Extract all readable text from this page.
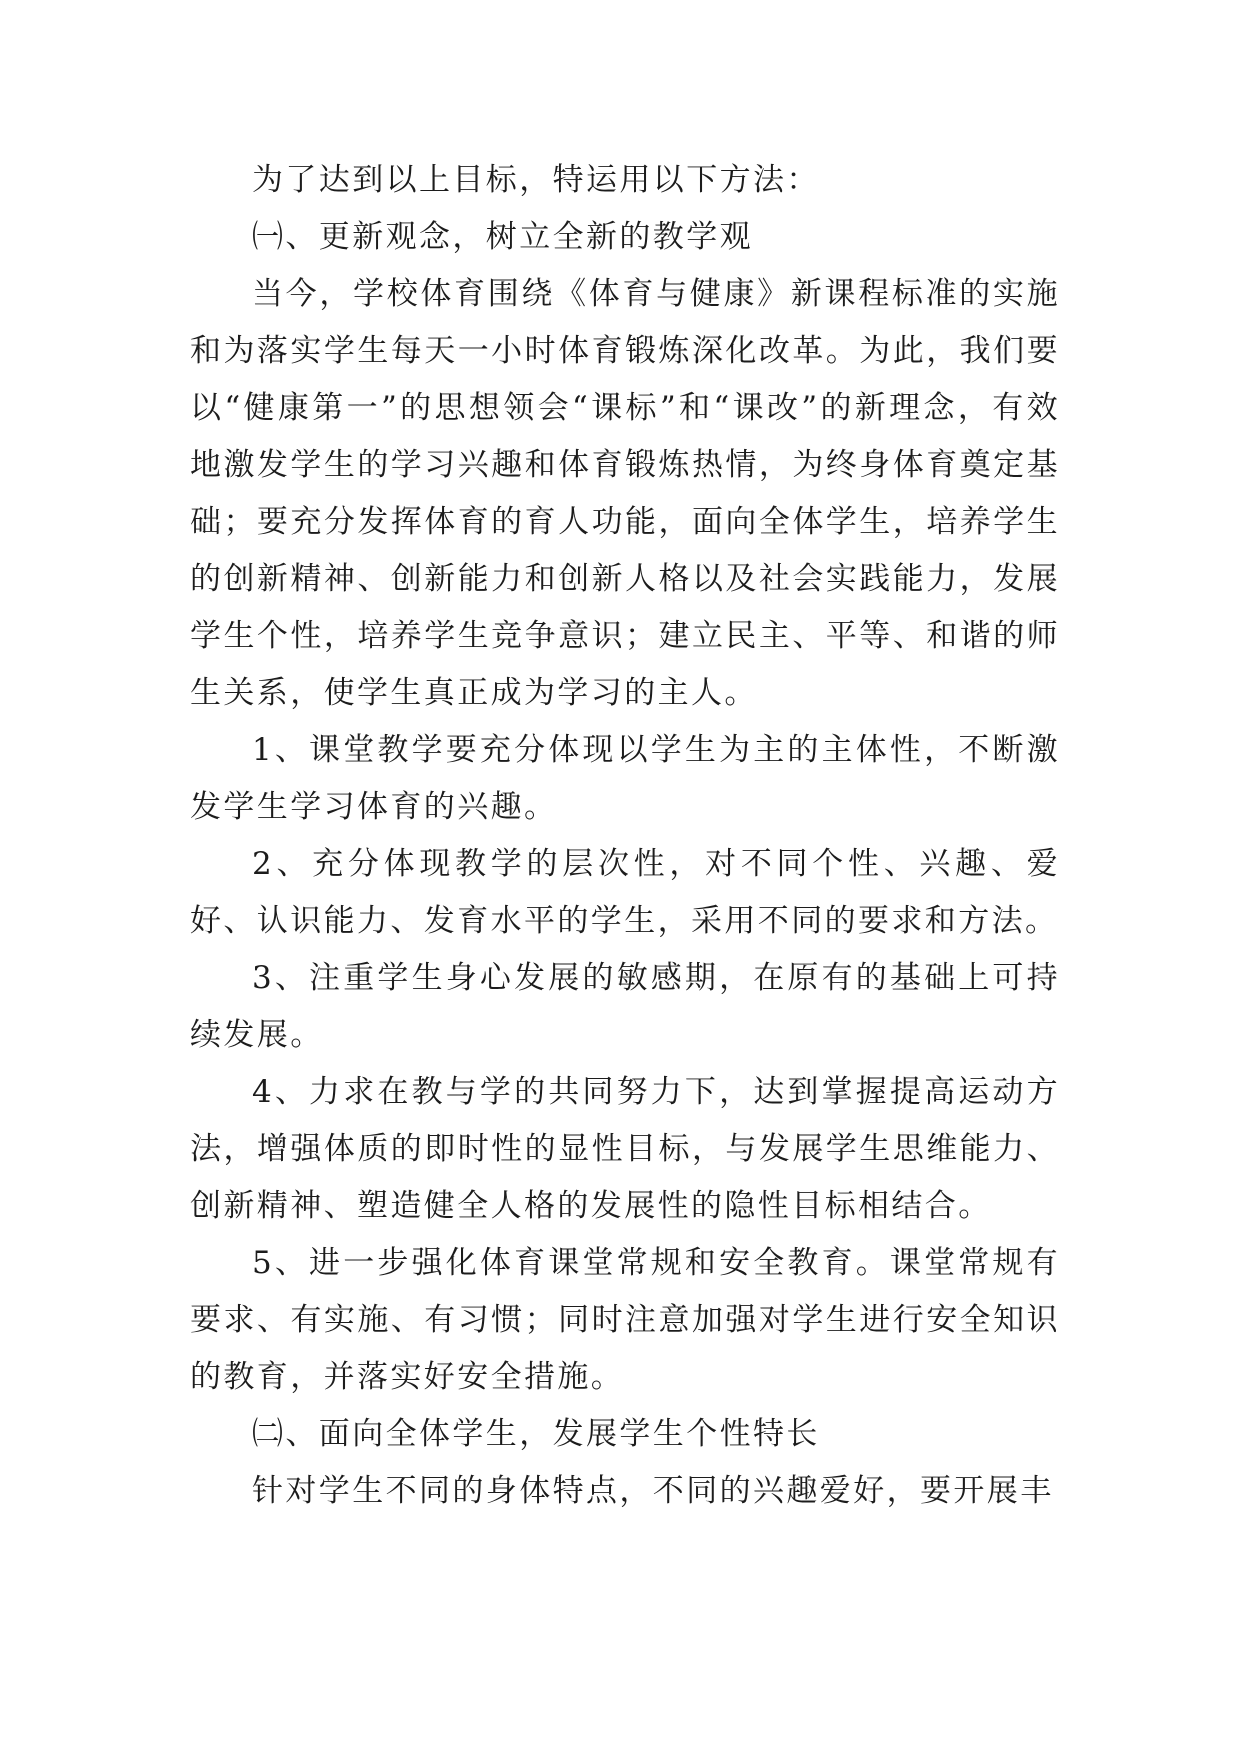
为了达到以上目标，特运用以下方法：

㈠、更新观念，树立全新的教学观

当今，学校体育围绕《体育与健康》新课程标准的实施和为落实学生每天一小时体育锻炼深化改革。为此，我们要以“健康第一”的思想领会“课标”和“课改”的新理念，有效地激发学生的学习兴趣和体育锻炼热情，为终身体育奠定基础；要充分发挥体育的育人功能，面向全体学生，培养学生的创新精神、创新能力和创新人格以及社会实践能力，发展学生个性，培养学生竞争意识；建立民主、平等、和谐的师生关系，使学生真正成为学习的主人。

1、课堂教学要充分体现以学生为主的主体性，不断激发学生学习体育的兴趣。

2、充分体现教学的层次性，对不同个性、兴趣、爱好、认识能力、发育水平的学生，采用不同的要求和方法。

3、注重学生身心发展的敏感期，在原有的基础上可持续发展。

4、力求在教与学的共同努力下，达到掌握提高运动方法，增强体质的即时性的显性目标，与发展学生思维能力、创新精神、塑造健全人格的发展性的隐性目标相结合。

5、进一步强化体育课堂常规和安全教育。课堂常规有要求、有实施、有习惯；同时注意加强对学生进行安全知识的教育，并落实好安全措施。

㈡、面向全体学生，发展学生个性特长

针对学生不同的身体特点，不同的兴趣爱好，要开展丰
